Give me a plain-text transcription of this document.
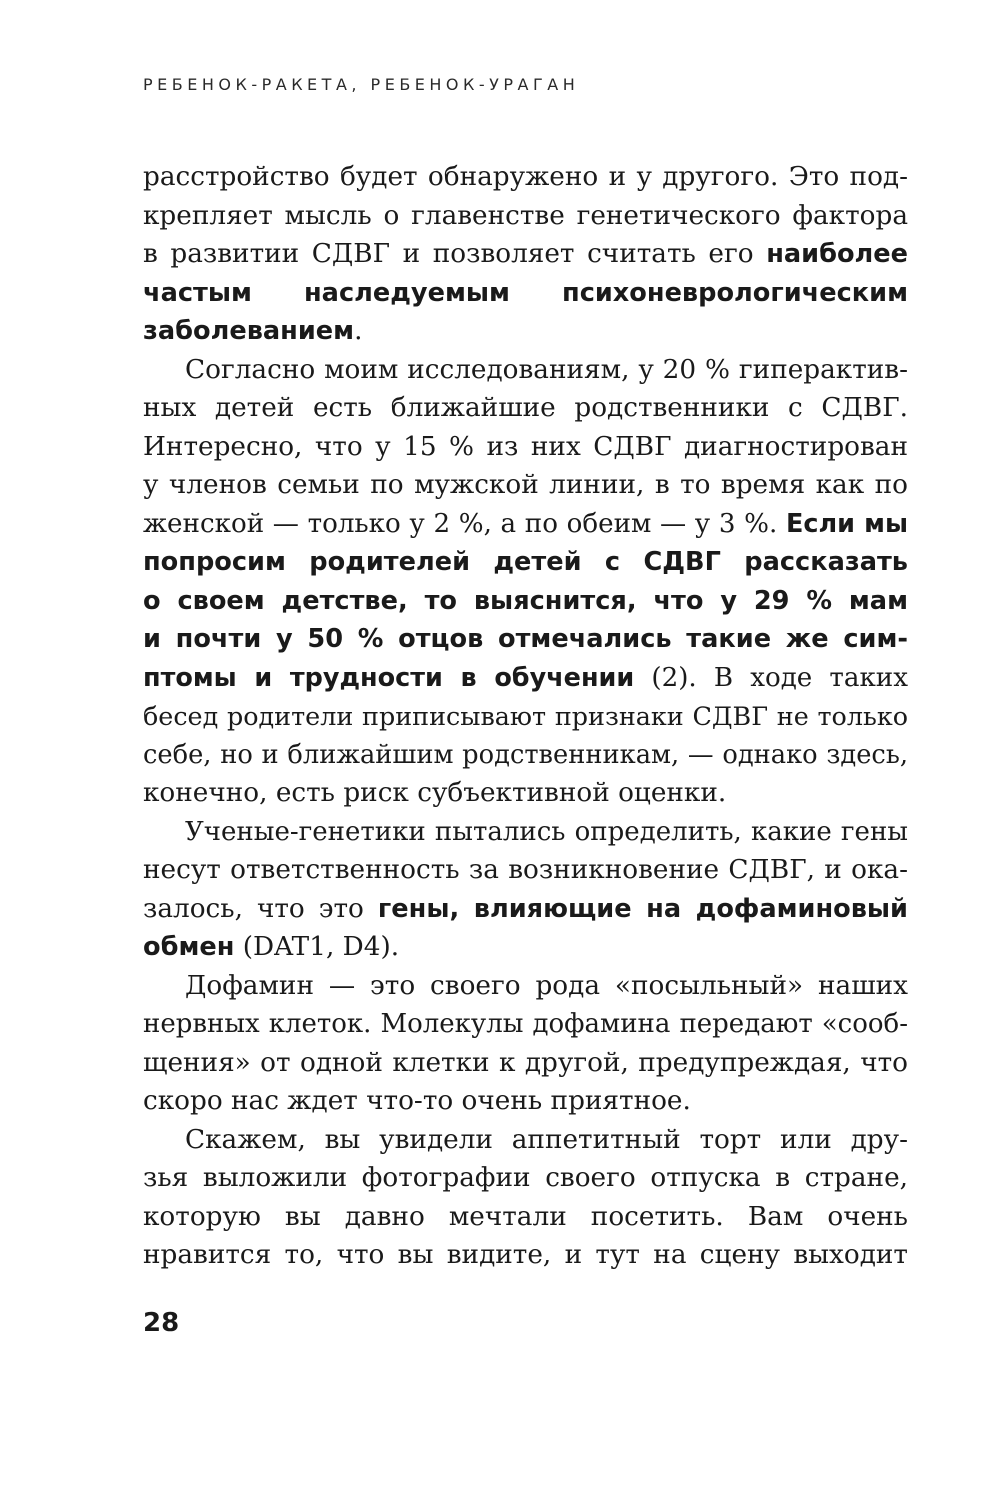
РЕБЕНОК-РАКЕТА, РЕБЕНОК-УРАГАН
расстройство будет обнаружено и у другого. Это под-
крепляет мысль о главенстве генетического фактора
в развитии СДВГ и позволяет считать его наиболее
частым наследуемым психоневрологическим
заболеванием.
Согласно моим исследованиям, у 20 % гиперактив-
ных детей есть ближайшие родственники с СДВГ.
Интересно, что у 15 % из них СДВГ диагностирован
у членов семьи по мужской линии, в то время как по
женской — только у 2 %, а по обеим — у 3 %. Если мы
попросим родителей детей с СДВГ рассказать
о своем детстве, то выяснится, что у 29 % мам
и почти у 50 % отцов отмечались такие же сим-
птомы и трудности в обучении (2). В ходе таких
бесед родители приписывают признаки СДВГ не только
себе, но и ближайшим родственникам, — однако здесь,
конечно, есть риск субъективной оценки.
Ученые-генетики пытались определить, какие гены
несут ответственность за возникновение СДВГ, и ока-
залось, что это гены, влияющие на дофаминовый
обмен (DAT1, D4).
Дофамин — это своего рода «посыльный» наших
нервных клеток. Молекулы дофамина передают «сооб-
щения» от одной клетки к другой, предупреждая, что
скоро нас ждет что-то очень приятное.
Скажем, вы увидели аппетитный торт или дру-
зья выложили фотографии своего отпуска в стране,
которую вы давно мечтали посетить. Вам очень
нравится то, что вы видите, и тут на сцену выходит
28
